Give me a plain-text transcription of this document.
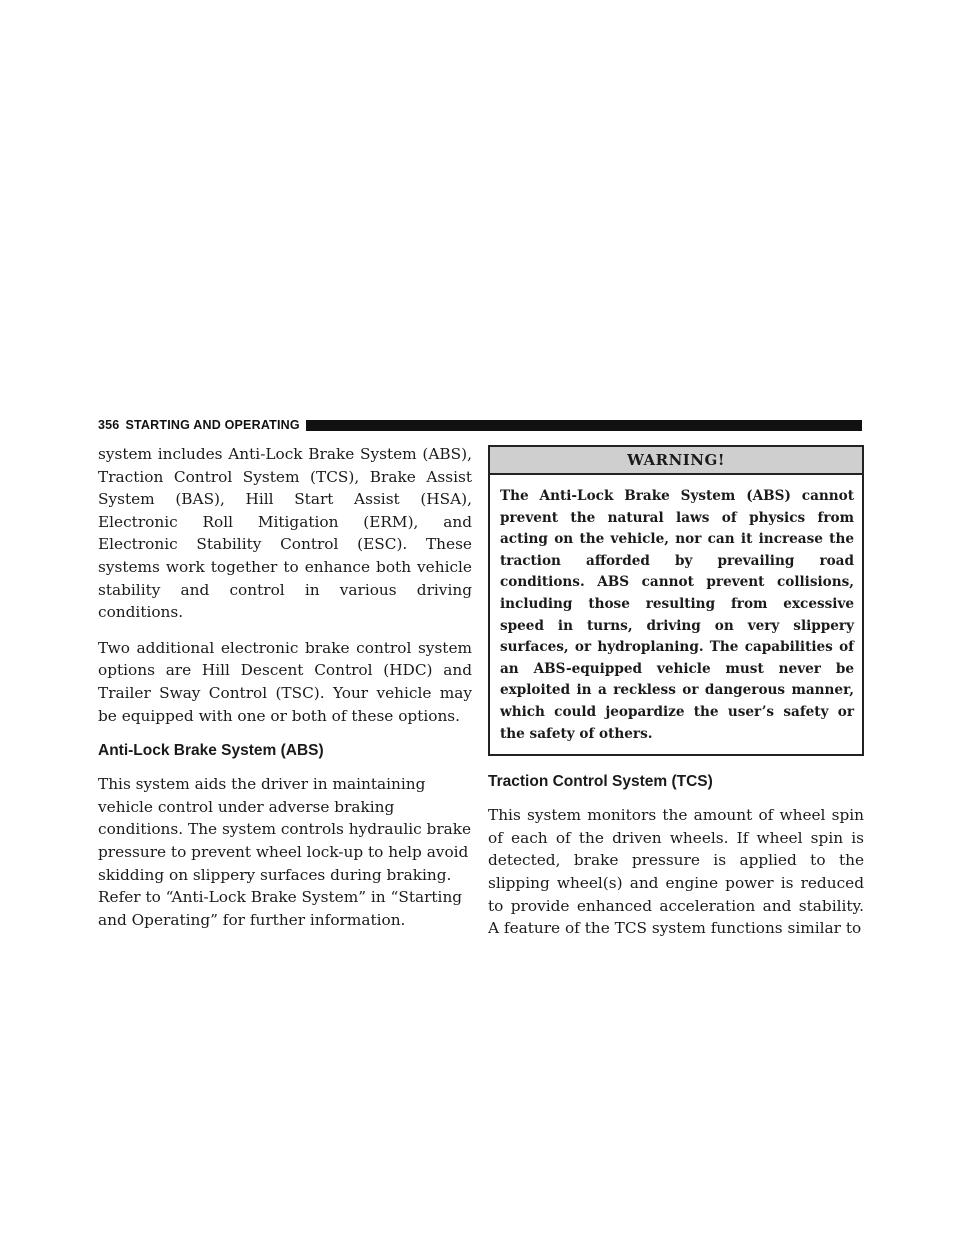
356 STARTING AND OPERATING

system includes Anti-Lock Brake System (ABS), Traction Control System (TCS), Brake Assist System (BAS), Hill Start Assist (HSA), Electronic Roll Mitigation (ERM), and Electronic Stability Control (ESC). These systems work together to enhance both vehicle stability and control in various driving conditions.

Two additional electronic brake control system options are Hill Descent Control (HDC) and Trailer Sway Control (TSC). Your vehicle may be equipped with one or both of these options.

Anti-Lock Brake System (ABS)

This system aids the driver in maintaining vehicle control under adverse braking conditions. The system controls hydraulic brake pressure to prevent wheel lock-up to help avoid skidding on slippery surfaces during braking. Refer to “Anti-Lock Brake System” in “Starting and Operating” for further information.

WARNING!
The Anti-Lock Brake System (ABS) cannot prevent the natural laws of physics from acting on the vehicle, nor can it increase the traction afforded by prevailing road conditions. ABS cannot prevent collisions, including those resulting from excessive speed in turns, driving on very slippery surfaces, or hydroplaning. The capabilities of an ABS-equipped vehicle must never be exploited in a reckless or dangerous manner, which could jeopardize the user’s safety or the safety of others.
Traction Control System (TCS)

This system monitors the amount of wheel spin of each of the driven wheels. If wheel spin is detected, brake pressure is applied to the slipping wheel(s) and engine power is reduced to provide enhanced acceleration and stability. A feature of the TCS system functions similar to
